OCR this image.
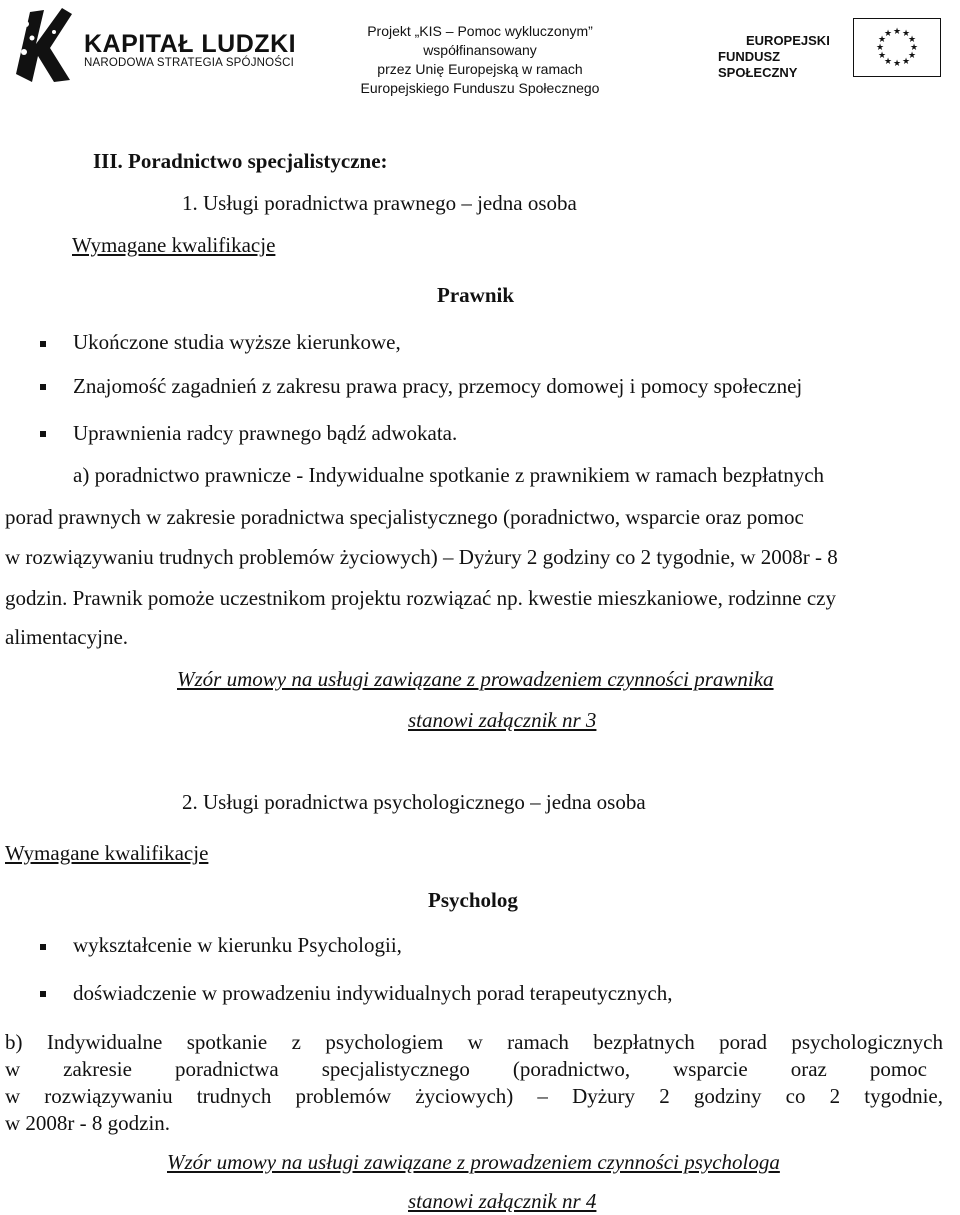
KAPITAŁ LUDZKI
NARODOWA STRATEGIA SPÓJNOŚCI
Projekt „KIS – Pomoc wykluczonym”
współfinansowany
przez Unię Europejską w ramach
Europejskiego Funduszu Społecznego
EUROPEJSKI
FUNDUSZ SPOŁECZNY
★ ★
★
★
★
★
★
★
★
★
★
★
III. Poradnictwo specjalistyczne:
1. Usługi poradnictwa prawnego – jedna osoba
Wymagane kwalifikacje
Prawnik
Ukończone studia wyższe kierunkowe,
Znajomość zagadnień z zakresu prawa pracy, przemocy domowej i pomocy społecznej
Uprawnienia radcy prawnego bądź adwokata.
a) poradnictwo prawnicze - Indywidualne spotkanie z prawnikiem w ramach bezpłatnych
porad prawnych w zakresie poradnictwa specjalistycznego (poradnictwo, wsparcie oraz pomoc
w rozwiązywaniu trudnych problemów życiowych) – Dyżury 2 godziny co 2 tygodnie, w 2008r - 8
godzin. Prawnik pomoże uczestnikom projektu rozwiązać np. kwestie mieszkaniowe, rodzinne czy
alimentacyjne.
Wzór umowy na usługi zawiązane z prowadzeniem czynności prawnika
stanowi załącznik nr 3
2. Usługi poradnictwa psychologicznego – jedna osoba
Wymagane kwalifikacje
Psycholog
wykształcenie w kierunku Psychologii,
doświadczenie w prowadzeniu indywidualnych porad terapeutycznych,
b) Indywidualne spotkanie z psychologiem w ramach bezpłatnych porad psychologicznych
w zakresie poradnictwa specjalistycznego (poradnictwo, wsparcie oraz pomoc
w rozwiązywaniu trudnych problemów życiowych) – Dyżury 2 godziny co 2 tygodnie,
w 2008r - 8 godzin.
Wzór umowy na usługi zawiązane z prowadzeniem czynności psychologa
stanowi załącznik nr 4
